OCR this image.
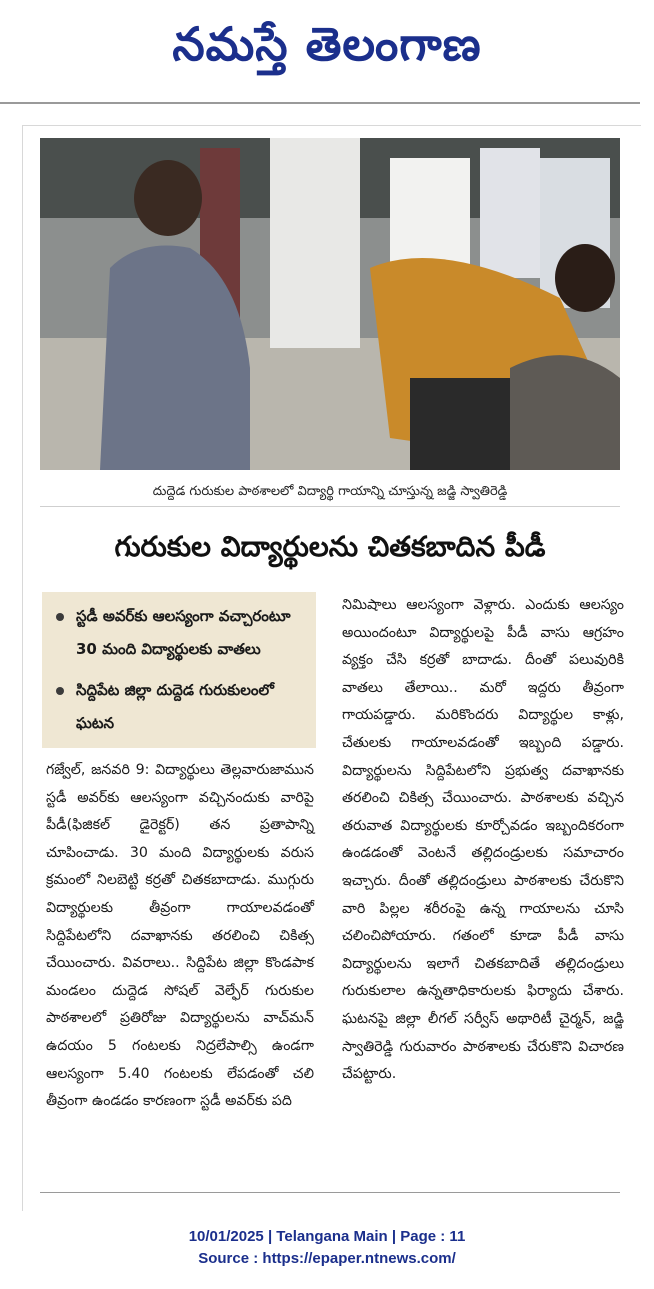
నమస్తే తెలంగాణ
దుద్దెడ గురుకుల పాఠశాలలో విద్యార్థి గాయాన్ని చూస్తున్న జడ్జి స్వాతిరెడ్డి
గురుకుల విద్యార్థులను చితకబాదిన పీడీ
స్టడీ అవర్‌కు ఆలస్యంగా వచ్చారంటూ 30 మంది విద్యార్థులకు వాతలు
సిద్దిపేట జిల్లా దుద్దెడ గురుకులంలో ఘటన

గజ్వేల్, జనవరి 9: విద్యార్థులు తెల్లవారుజామున స్టడీ అవర్‌కు ఆలస్యంగా వచ్చినందుకు వారిపై పీడీ(ఫిజికల్ డైరెక్టర్) తన ప్రతాపాన్ని చూపించాడు. 30 మంది విద్యార్థులకు వరుస క్రమంలో నిలబెట్టి కర్రతో చితకబాదాడు. ముగ్గురు విద్యార్థులకు తీవ్రంగా గాయాలవడంతో సిద్దిపేటలోని దవాఖానకు తరలించి చికిత్స చేయించారు. వివరాలు.. సిద్దిపేట జిల్లా కొండపాక మండలం దుద్దెడ సోషల్ వెల్ఫేర్ గురుకుల పాఠశాలలో ప్రతిరోజు విద్యార్థులను వాచ్‌మన్ ఉదయం 5 గంటలకు నిద్రలేపాల్సి ఉండగా ఆలస్యంగా 5.40 గంటలకు లేపడంతో చలి తీవ్రంగా ఉండడం కారణంగా స్టడీ అవర్‌కు పది

నిమిషాలు ఆలస్యంగా వెళ్లారు. ఎందుకు ఆలస్యం అయిందంటూ విద్యార్థులపై పీడీ వాసు ఆగ్రహం వ్యక్తం చేసి కర్రతో బాదాడు. దీంతో పలువురికి వాతలు తేలాయి.. మరో ఇద్దరు తీవ్రంగా గాయపడ్డారు. మరికొందరు విద్యార్థుల కాళ్లు, చేతులకు గాయాలవడంతో ఇబ్బంది పడ్డారు. విద్యార్థులను సిద్దిపేటలోని ప్రభుత్వ దవాఖానకు తరలించి చికిత్స చేయించారు. పాఠశాలకు వచ్చిన తరువాత విద్యార్థులకు కూర్చోవడం ఇబ్బందికరంగా ఉండడంతో వెంటనే తల్లిదండ్రులకు సమాచారం ఇచ్చారు. దీంతో తల్లిదండ్రులు పాఠశాలకు చేరుకొని వారి పిల్లల శరీరంపై ఉన్న గాయాలను చూసి చలించిపోయారు. గతంలో కూడా పీడీ వాసు విద్యార్థులను ఇలాగే చితకబాదితే తల్లిదండ్రులు గురుకులాల ఉన్నతాధికారులకు ఫిర్యాదు చేశారు. ఘటనపై జిల్లా లీగల్ సర్వీస్ అథారిటీ చైర్మన్, జడ్జి స్వాతిరెడ్డి గురువారం పాఠశాలకు చేరుకొని విచారణ చేపట్టారు.

10/01/2025 | Telangana Main | Page : 11
Source : https://epaper.ntnews.com/
